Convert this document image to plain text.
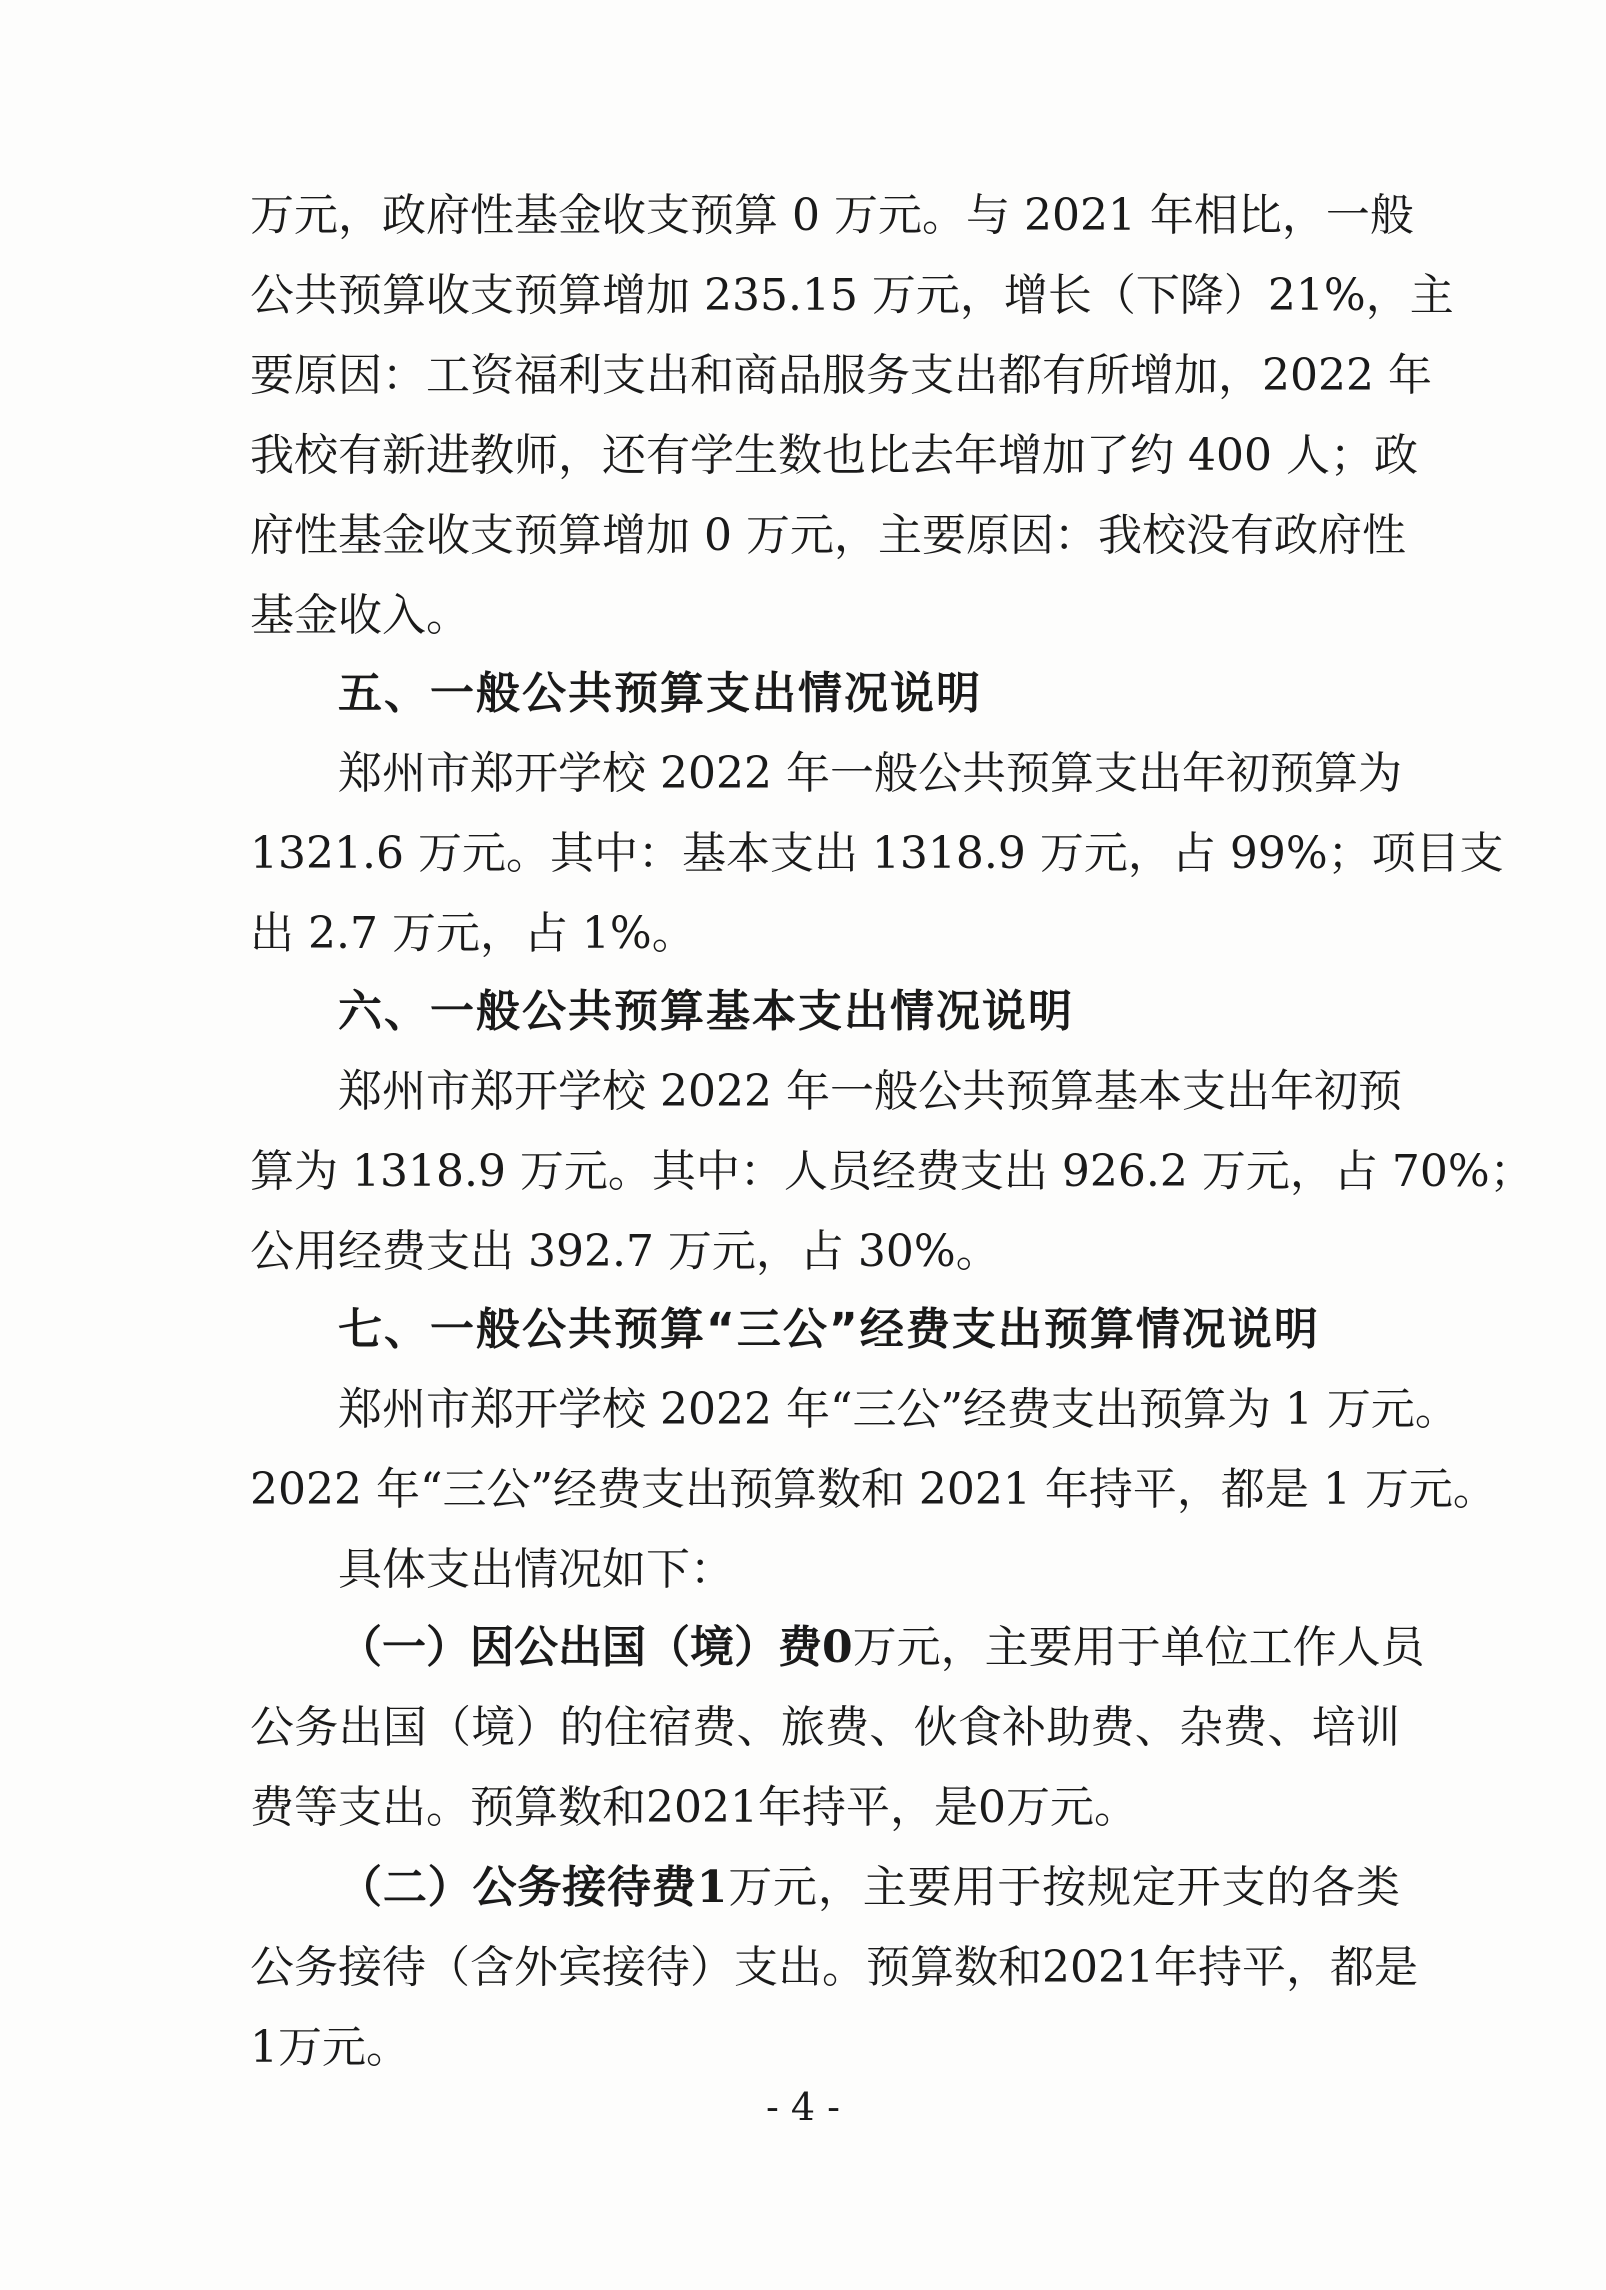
万元，政府性基金收支预算 0 万元。与 2021 年相比，一般
公共预算收支预算增加 235.15 万元，增长（下降）21%，主
要原因：工资福利支出和商品服务支出都有所增加，2022 年
我校有新进教师，还有学生数也比去年增加了约 400 人；政
府性基金收支预算增加 0 万元，主要原因：我校没有政府性
基金收入。
五、一般公共预算支出情况说明
郑州市郑开学校 2022 年一般公共预算支出年初预算为
1321.6 万元。其中：基本支出 1318.9 万元，占 99%；项目支
出 2.7 万元，占 1%。
六、一般公共预算基本支出情况说明
郑州市郑开学校 2022 年一般公共预算基本支出年初预
算为 1318.9 万元。其中：人员经费支出 926.2 万元，占 70%；
公用经费支出 392.7 万元，占 30%。
七、一般公共预算“三公”经费支出预算情况说明
郑州市郑开学校 2022 年“三公”经费支出预算为 1 万元。
2022 年“三公”经费支出预算数和 2021 年持平，都是 1 万元。
具体支出情况如下：
（一）因公出国（境）费0万元，主要用于单位工作人员
公务出国（境）的住宿费、旅费、伙食补助费、杂费、培训
费等支出。预算数和2021年持平，是0万元。
（二）公务接待费1万元，主要用于按规定开支的各类
公务接待（含外宾接待）支出。预算数和2021年持平，都是
1万元。
- 4 -
